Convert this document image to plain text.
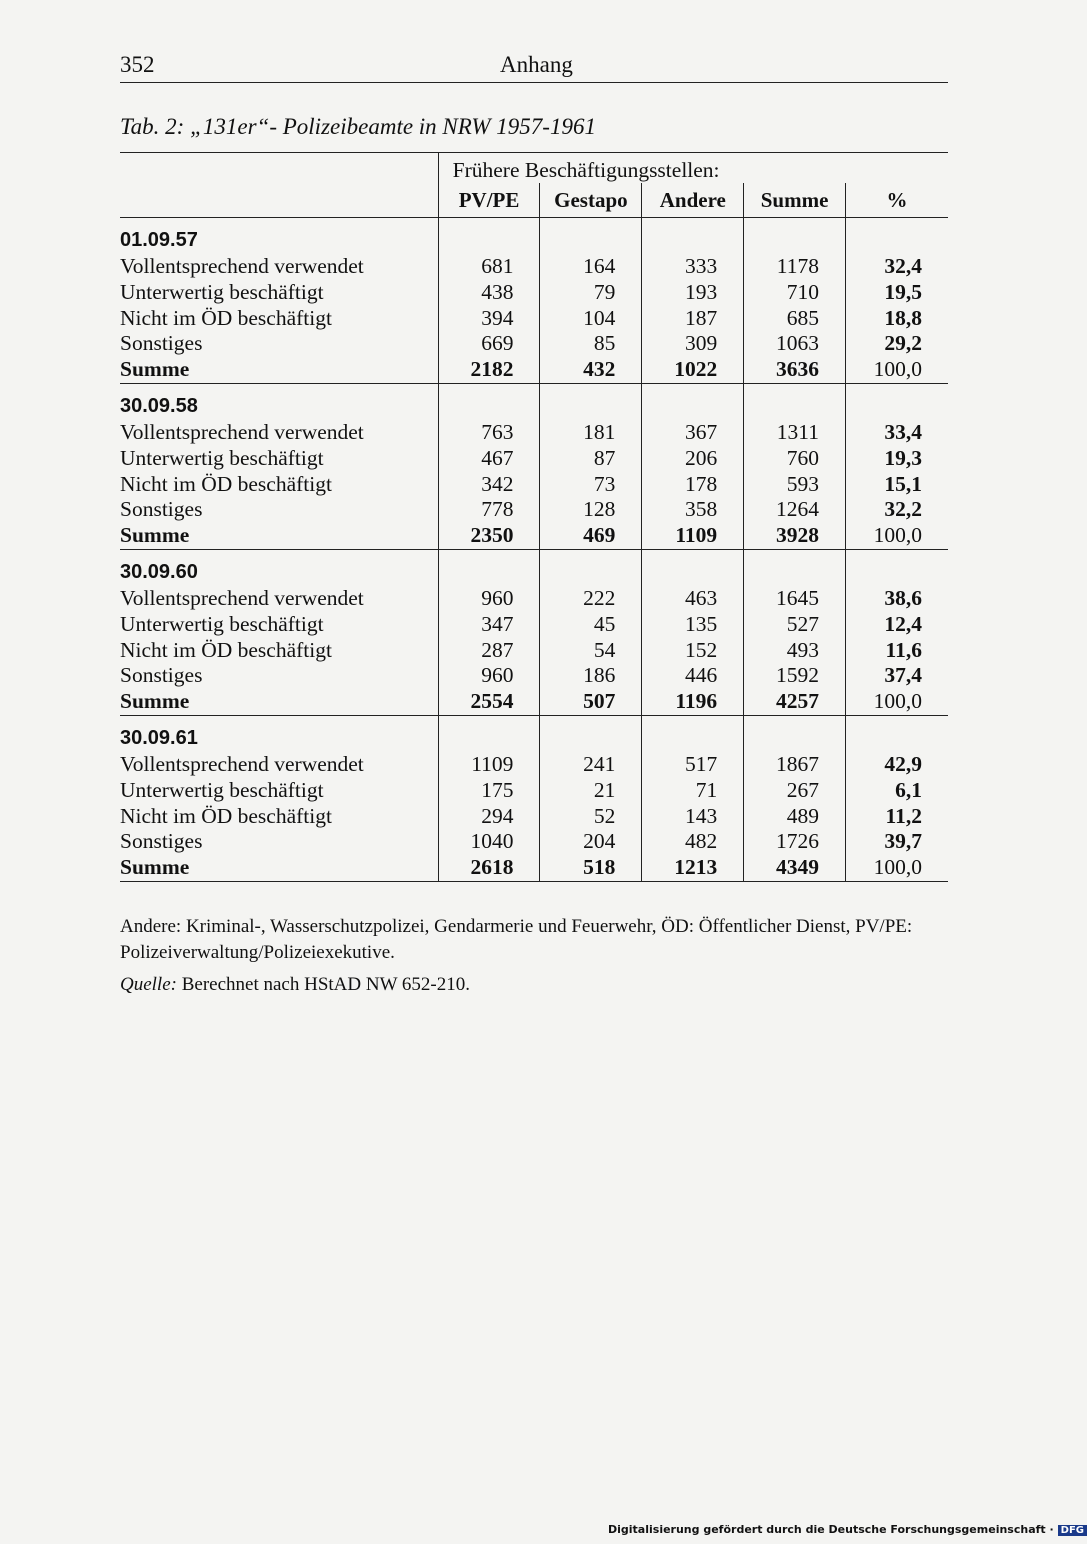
352	Anhang
Tab. 2: „131er“- Polizeibeamte in NRW 1957-1961
	Frühere Beschäftigungsstellen:				
	PV/PE	Gestapo	Andere	Summe	%
01.09.57					
Vollentsprechend verwendet	681	164	333	1178	32,4
Unterwertig beschäftigt	438	79	193	710	19,5
Nicht im ÖD beschäftigt	394	104	187	685	18,8
Sonstiges	669	85	309	1063	29,2
Summe	2182	432	1022	3636	100,0
30.09.58					
Vollentsprechend verwendet	763	181	367	1311	33,4
Unterwertig beschäftigt	467	87	206	760	19,3
Nicht im ÖD beschäftigt	342	73	178	593	15,1
Sonstiges	778	128	358	1264	32,2
Summe	2350	469	1109	3928	100,0
30.09.60					
Vollentsprechend verwendet	960	222	463	1645	38,6
Unterwertig beschäftigt	347	45	135	527	12,4
Nicht im ÖD beschäftigt	287	54	152	493	11,6
Sonstiges	960	186	446	1592	37,4
Summe	2554	507	1196	4257	100,0
30.09.61					
Vollentsprechend verwendet	1109	241	517	1867	42,9
Unterwertig beschäftigt	175	21	71	267	6,1
Nicht im ÖD beschäftigt	294	52	143	489	11,2
Sonstiges	1040	204	482	1726	39,7
Summe	2618	518	1213	4349	100,0
Andere: Kriminal-, Wasserschutzpolizei, Gendarmerie und Feuerwehr, ÖD: Öffentlicher Dienst, PV/PE: Polizeiverwaltung/Polizeiexekutive.
Quelle: Berechnet nach HStAD NW 652-210.
Digitalisierung gefördert durch die Deutsche Forschungsgemeinschaft · DFG
